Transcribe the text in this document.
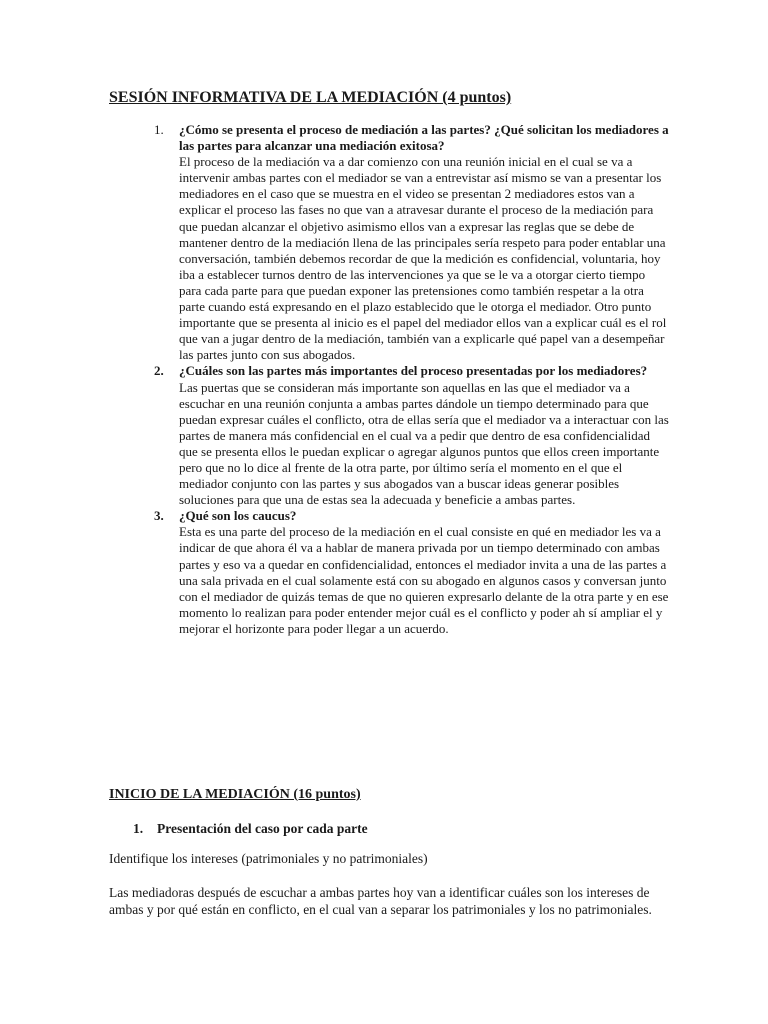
SESIÓN INFORMATIVA DE LA MEDIACIÓN (4 puntos)
1. ¿Cómo se presenta el proceso de mediación a las partes? ¿Qué solicitan los mediadores a las partes para alcanzar una mediación exitosa?
El proceso de la mediación va a dar comienzo con una reunión inicial en el cual se va a intervenir ambas partes con el mediador se van a entrevistar así mismo se van a presentar los mediadores en el caso que se muestra en el video se presentan 2 mediadores estos van a explicar el proceso las fases no que van a atravesar durante el proceso de la mediación para que puedan alcanzar el objetivo asimismo ellos van a expresar las reglas que se debe de mantener dentro de la mediación llena de las principales sería respeto para poder entablar una conversación, también debemos recordar de que la medición es confidencial, voluntaria, hoy iba a establecer turnos dentro de las intervenciones ya que se le va a otorgar cierto tiempo para cada parte para que puedan exponer las pretensiones como también respetar a la otra parte cuando está expresando en el plazo establecido que le otorga el mediador. Otro punto importante que se presenta al inicio es el papel del mediador ellos van a explicar cuál es el rol que van a jugar dentro de la mediación, también van a explicarle qué papel van a desempeñar las partes junto con sus abogados.
2. ¿Cuáles son las partes más importantes del proceso presentadas por los mediadores?
Las puertas que se consideran más importante son aquellas en las que el mediador va a escuchar en una reunión conjunta a ambas partes dándole un tiempo determinado para que puedan expresar cuáles el conflicto, otra de ellas sería que el mediador va a interactuar con las partes de manera más confidencial en el cual va a pedir que dentro de esa confidencialidad que se presenta ellos le puedan explicar o agregar algunos puntos que ellos creen importante pero que no lo dice al frente de la otra parte, por último sería el momento en el que el mediador conjunto con las partes y sus abogados van a buscar ideas generar posibles soluciones para que una de estas sea la adecuada y beneficie a ambas partes.
3. ¿Qué son los caucus?
Esta es una parte del proceso de la mediación en el cual consiste en qué en mediador les va a indicar de que ahora él va a hablar de manera privada por un tiempo determinado con ambas partes y eso va a quedar en confidencialidad, entonces el mediador invita a una de las partes a una sala privada en el cual solamente está con su abogado en algunos casos y conversan junto con el mediador de quizás temas de que no quieren expresarlo delante de la otra parte y en ese momento lo realizan para poder entender mejor cuál es el conflicto y poder ah sí ampliar el y mejorar el horizonte para poder llegar a un acuerdo.
INICIO DE LA MEDIACIÓN (16 puntos)

1. Presentación del caso por cada parte

Identifique los intereses (patrimoniales y no patrimoniales)

Las mediadoras después de escuchar a ambas partes hoy van a identificar cuáles son los intereses de ambas y por qué están en conflicto, en el cual van a separar los patrimoniales y los no patrimoniales.
